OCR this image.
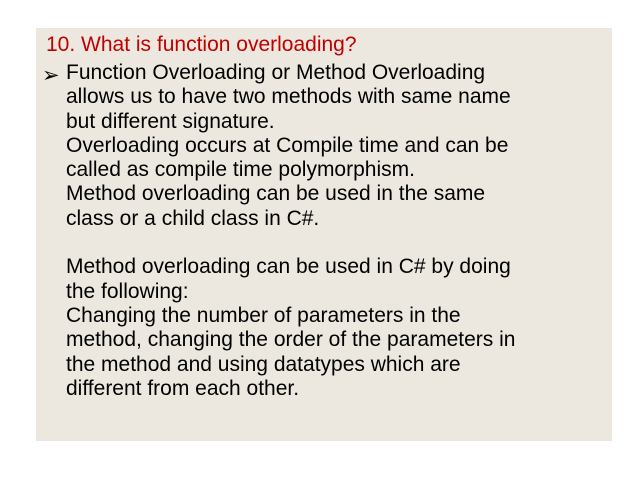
10. What is function overloading?
➢ Function Overloading or Method Overloading
allows us to have two methods with same name
but different signature.
Overloading occurs at Compile time and can be
called as compile time polymorphism.
Method overloading can be used in the same
class or a child class in C#.
Method overloading can be used in C# by doing
the following:
Changing the number of parameters in the
method, changing the order of the parameters in
the method and using datatypes which are
different from each other.
